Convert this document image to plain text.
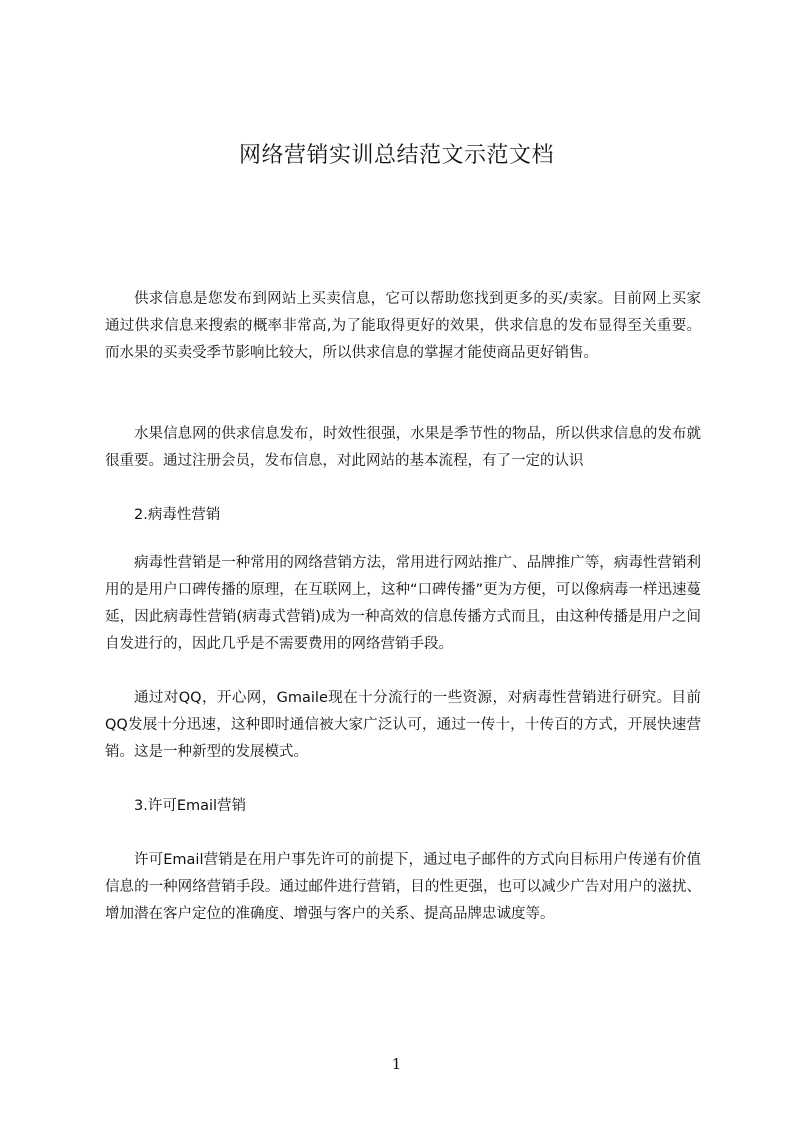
网络营销实训总结范文示范文档

供求信息是您发布到网站上买卖信息，它可以帮助您找到更多的买/卖家。目前网上买家通过供求信息来搜索的概率非常高,为了能取得更好的效果，供求信息的发布显得至关重要。而水果的买卖受季节影响比较大，所以供求信息的掌握才能使商品更好销售。

水果信息网的供求信息发布，时效性很强，水果是季节性的物品，所以供求信息的发布就很重要。通过注册会员，发布信息，对此网站的基本流程，有了一定的认识

2.病毒性营销

病毒性营销是一种常用的网络营销方法，常用进行网站推广、品牌推广等，病毒性营销利用的是用户口碑传播的原理，在互联网上，这种“口碑传播”更为方便，可以像病毒一样迅速蔓延，因此病毒性营销(病毒式营销)成为一种高效的信息传播方式而且，由这种传播是用户之间自发进行的，因此几乎是不需要费用的网络营销手段。

通过对QQ，开心网，Gmaile现在十分流行的一些资源，对病毒性营销进行研究。目前QQ发展十分迅速，这种即时通信被大家广泛认可，通过一传十，十传百的方式，开展快速营销。这是一种新型的发展模式。

3.许可Email营销

许可Email营销是在用户事先许可的前提下，通过电子邮件的方式向目标用户传递有价值信息的一种网络营销手段。通过邮件进行营销，目的性更强，也可以减少广告对用户的滋扰、增加潜在客户定位的准确度、增强与客户的关系、提高品牌忠诚度等。

1
